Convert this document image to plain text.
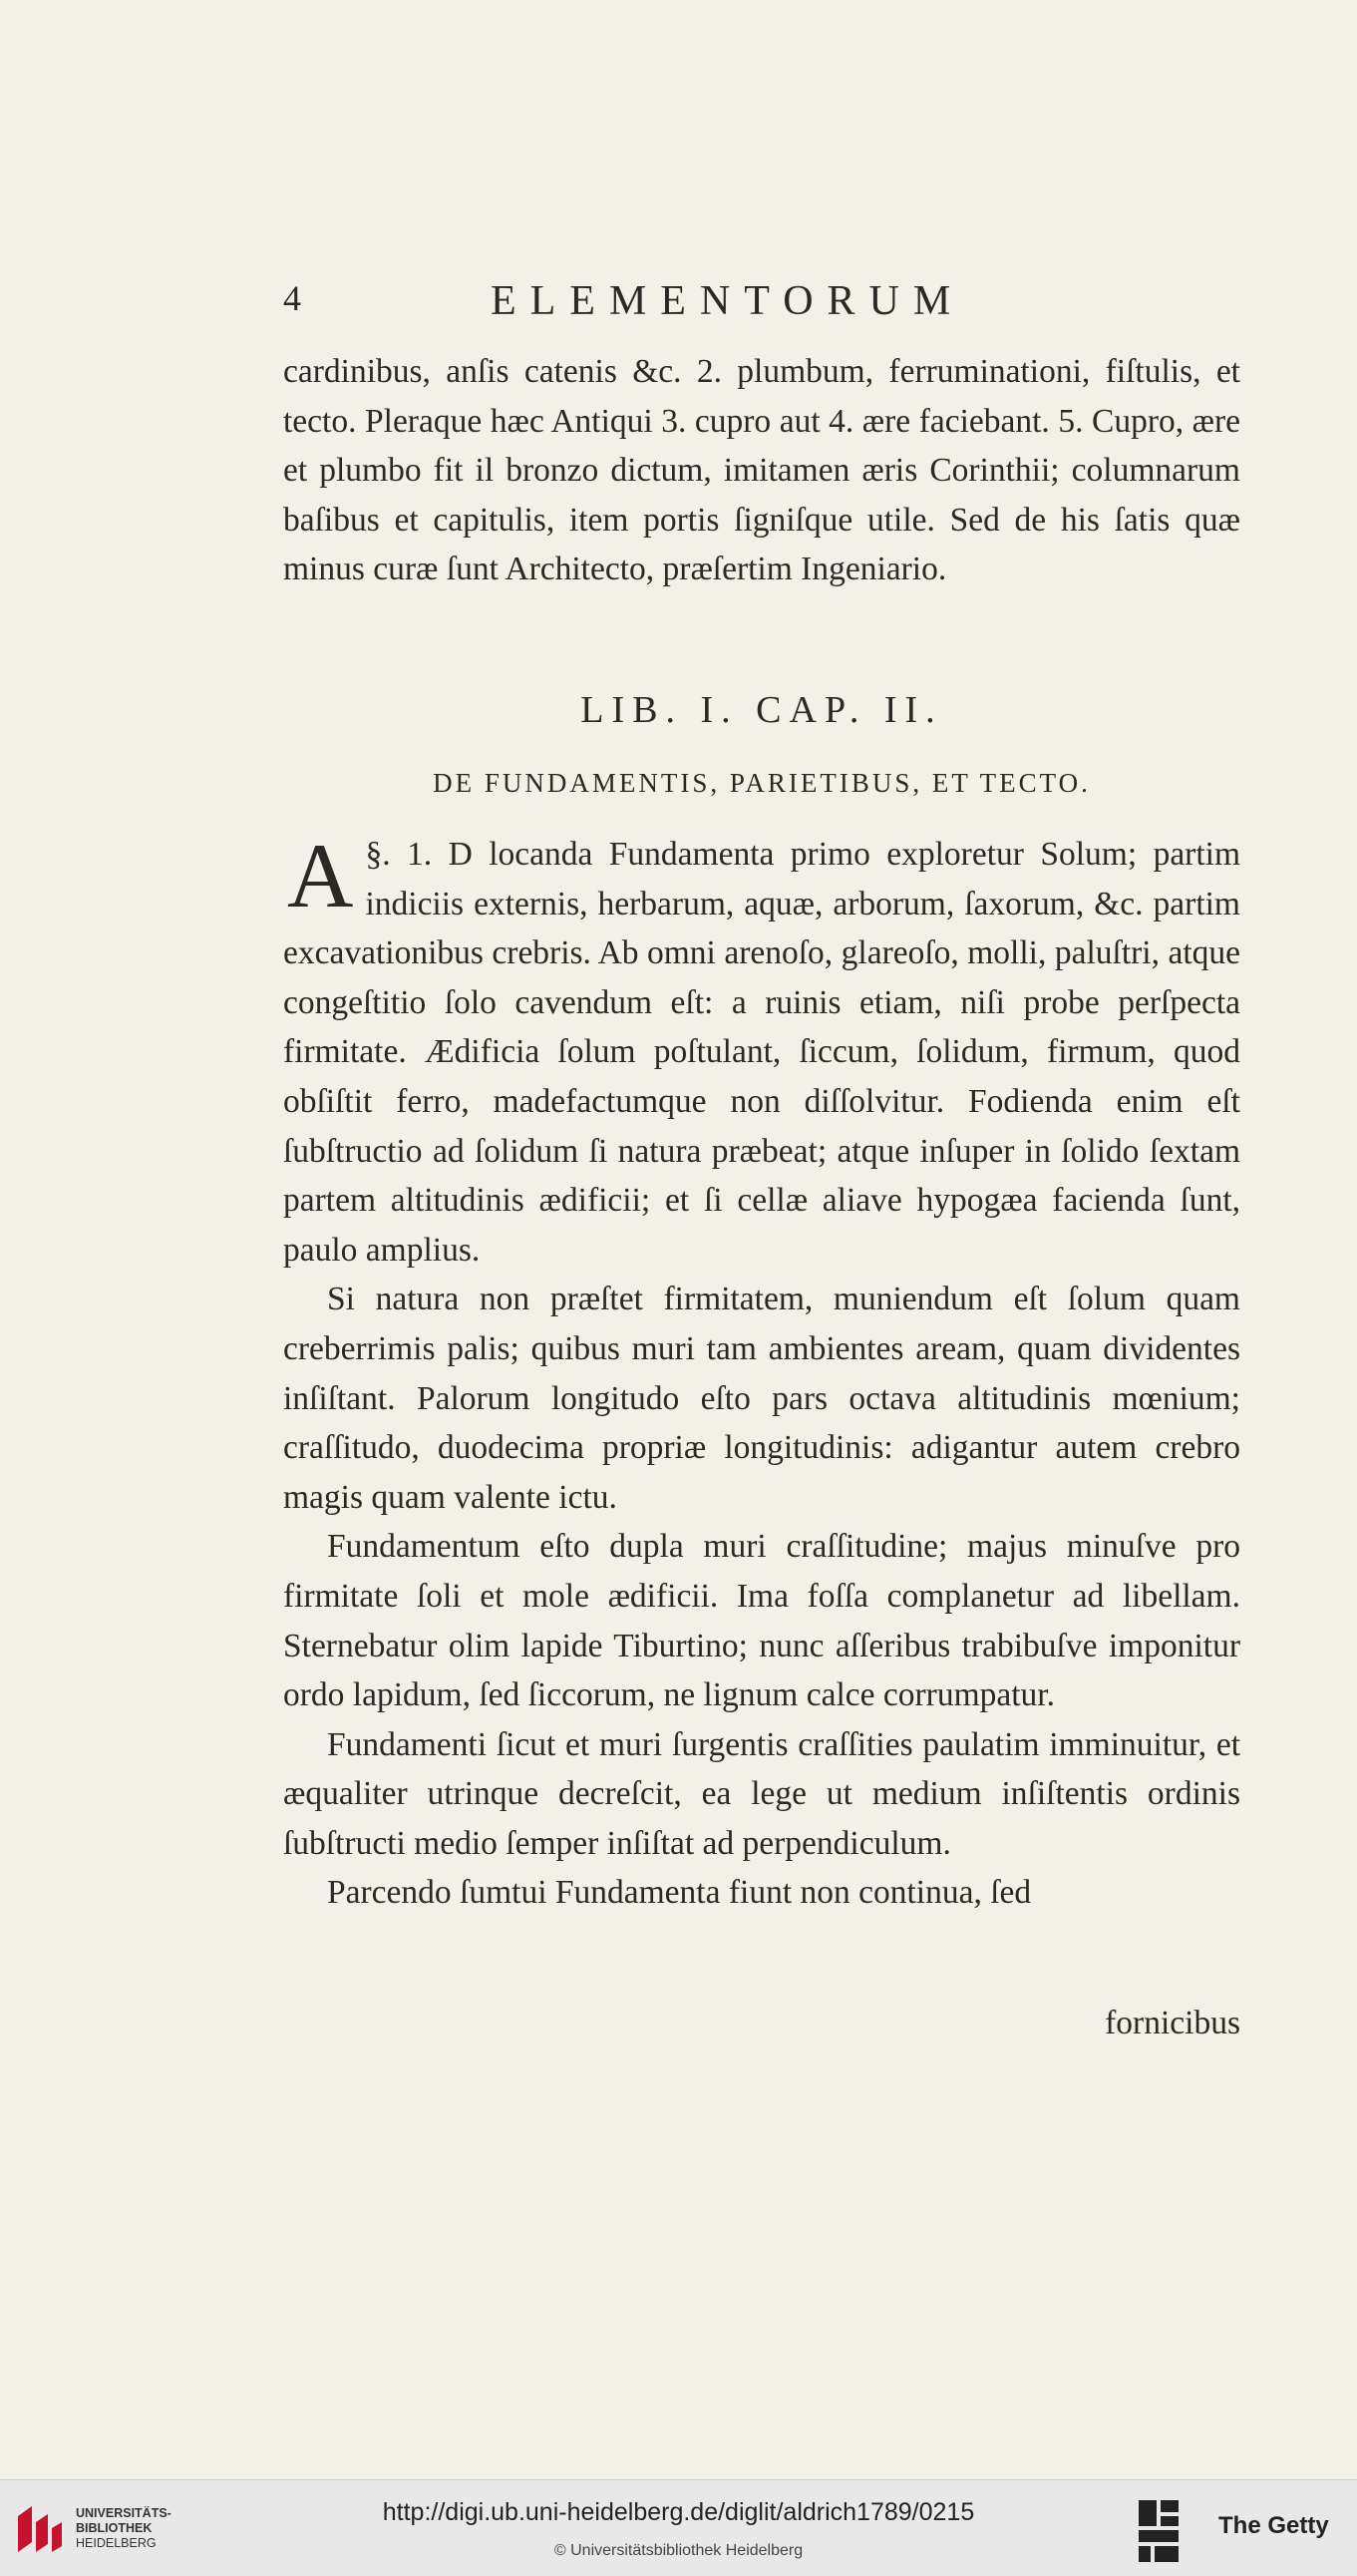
4	ELEMENTORUM

cardinibus, anſis catenis &c. 2. plumbum, ferruminationi, fiſtulis, et tecto. Pleraque hæc Antiqui 3. cupro aut 4. ære faciebant. 5. Cupro, ære et plumbo fit il bronzo dictum, imitamen æris Corinthii; columnarum baſibus et capitulis, item portis ſigniſque utile. Sed de his ſatis quæ minus curæ ſunt Architecto, præſertim Ingeniario.

LIB. I. CAP. II.
DE FUNDAMENTIS, PARIETIBUS, ET TECTO.

§. 1.
A	D locanda Fundamenta primo exploretur Solum; partim indiciis externis, herbarum, aquæ, arborum, ſaxorum, &c. partim excavationibus crebris. Ab omni arenoſo, glareoſo, molli, paluſtri, atque congeſtitio ſolo cavendum eſt: a ruinis etiam, niſi probe perſpecta firmitate. Ædificia ſolum poſtulant, ſiccum, ſolidum, firmum, quod obſiſtit ferro, madefactumque non diſſolvitur. Fodienda enim eſt ſubſtructio ad ſolidum ſi natura præbeat; atque inſuper in ſolido ſextam partem altitudinis ædificii; et ſi cellæ aliave hypogæa facienda ſunt, paulo amplius.

Si natura non præſtet firmitatem, muniendum eſt ſolum quam creberrimis palis; quibus muri tam ambientes aream, quam dividentes inſiſtant. Palorum longitudo eſto pars octava altitudinis mœnium; craſſitudo, duodecima propriæ longitudinis: adigantur autem crebro magis quam valente ictu.

Fundamentum eſto dupla muri craſſitudine; majus minuſve pro firmitate ſoli et mole ædificii. Ima foſſa complanetur ad libellam. Sternebatur olim lapide Tiburtino; nunc aſſeribus trabibuſve imponitur ordo lapidum, ſed ſiccorum, ne lignum calce corrumpatur.

Fundamenti ſicut et muri ſurgentis craſſities paulatim imminuitur, et æqualiter utrinque decreſcit, ea lege ut medium inſiſtentis ordinis ſubſtructi medio ſemper inſiſtat ad perpendiculum.

Parcendo ſumtui Fundamenta fiunt non continua, ſed

fornicibus
UNIVERSITÄTS-
BIBLIOTHEK
HEIDELBERG
http://digi.ub.uni-heidelberg.de/diglit/aldrich1789/0215
© Universitätsbibliothek Heidelberg
The Getty
